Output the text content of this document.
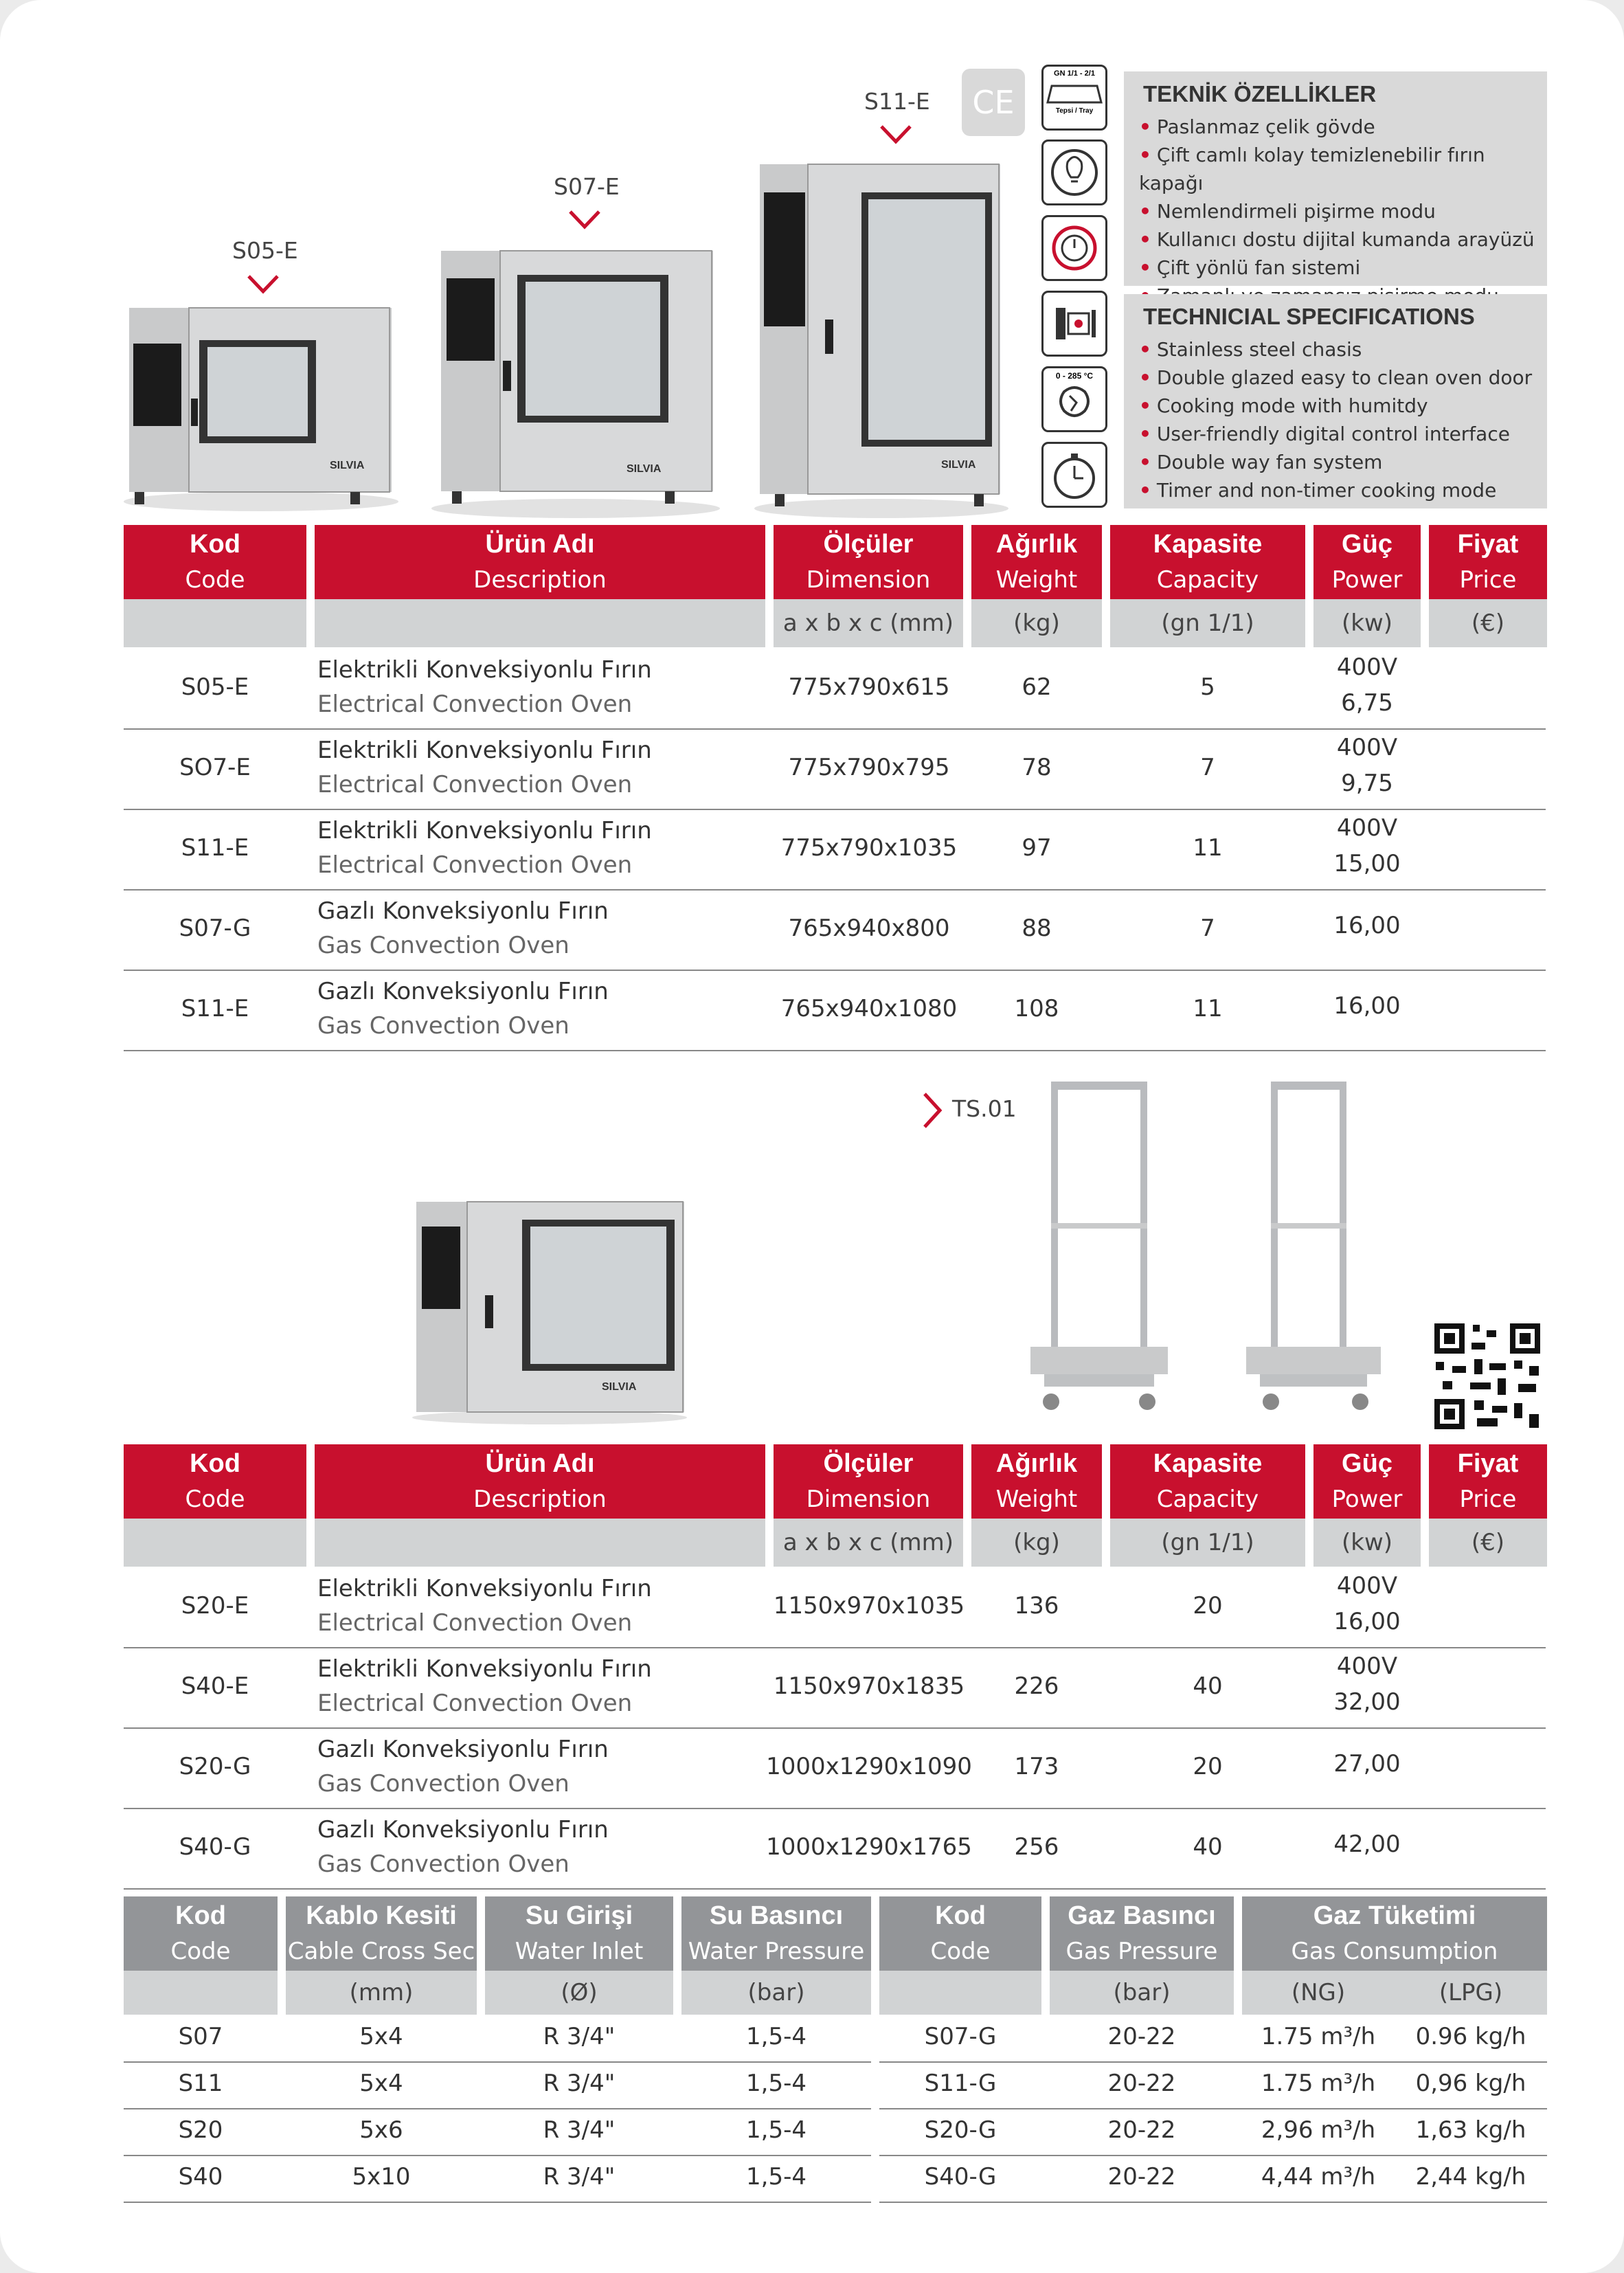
S05-E
S07-E
S11-E
SILVIA	SILVIA	SILVIA
CE
GN 1/1 - 2/1
Tepsi / Tray
0 - 285 °C
TEKNİK ÖZELLİKLER
• Paslanmaz çelik gövde
• Çift camlı kolay temizlenebilir fırın kapağı
• Nemlendirmeli pişirme modu
• Kullanıcı dostu dijital kumanda arayüzü
• Çift yönlü fan sistemi
TECHNICIAL SPECIFICATIONS
• Stainless steel chasis
• Double glazed easy to clean oven door
• Cooking mode with humitdy
• User-friendly digital control interface
• Double way fan system
• Timer and non-timer cooking mode
Kod
Code
Ürün Adı
Description
Ölçüler
Dimension
a x b x c (mm)
Ağırlık
Weight
(kg)
Kapasite
Capacity
(gn 1/1)
Güç
Power
(kw)
Fiyat
Price
(€)
S05-E
Elektrikli Konveksiyonlu Fırın
Electrical Convection Oven
775x790x615	62	5
400V
6,75
SO7-E
Elektrikli Konveksiyonlu Fırın
Electrical Convection Oven
775x790x795	78	7
400V
9,75
S11-E
Elektrikli Konveksiyonlu Fırın
Electrical Convection Oven
775x790x1035	97	11
400V
15,00
S07-G
Gazlı Konveksiyonlu Fırın
Gas Convection Oven
765x940x800	88	7	16,00
S11-E
Gazlı Konveksiyonlu Fırın
Gas Convection Oven
765x940x1080	108	11	16,00
TS.01
SILVIA
Kod
Code
Ürün Adı
Description
Ölçüler
Dimension
a x b x c (mm)
Ağırlık
Weight
(kg)
Kapasite
Capacity
(gn 1/1)
Güç
Power
(kw)
Fiyat
Price
(€)
S20-E
Elektrikli Konveksiyonlu Fırın
Electrical Convection Oven
1150x970x1035	136	20
400V
16,00
S40-E
Elektrikli Konveksiyonlu Fırın
Electrical Convection Oven
1150x970x1835	226	40
400V
32,00
S20-G
Gazlı Konveksiyonlu Fırın
Gas Convection Oven
1000x1290x1090	173	20	27,00
S40-G
Gazlı Konveksiyonlu Fırın
Gas Convection Oven
1000x1290x1765	256	40	42,00
Kod
Code
Kablo Kesiti
Cable Cross Sec
(mm)
Su Girişi
Water Inlet
(Ø)
Su Basıncı
Water Pressure
(bar)
Kod
Code
Gaz Basıncı
Gas Pressure
Gaz Tüketimi
Gas Consumption
(bar)	(NG)	(LPG)
S07	5x4	R 3/4"	1,5-4
S11	5x4	R 3/4"	1,5-4
S20	5x6	R 3/4"	1,5-4
S40	5x10	R 3/4"	1,5-4
S07-G	20-22	1.75 m³/h	0.96 kg/h
S11-G	20-22	1.75 m³/h	0,96 kg/h
S20-G	20-22	2,96 m³/h	1,63 kg/h
S40-G	20-22	4,44 m³/h	2,44 kg/h
